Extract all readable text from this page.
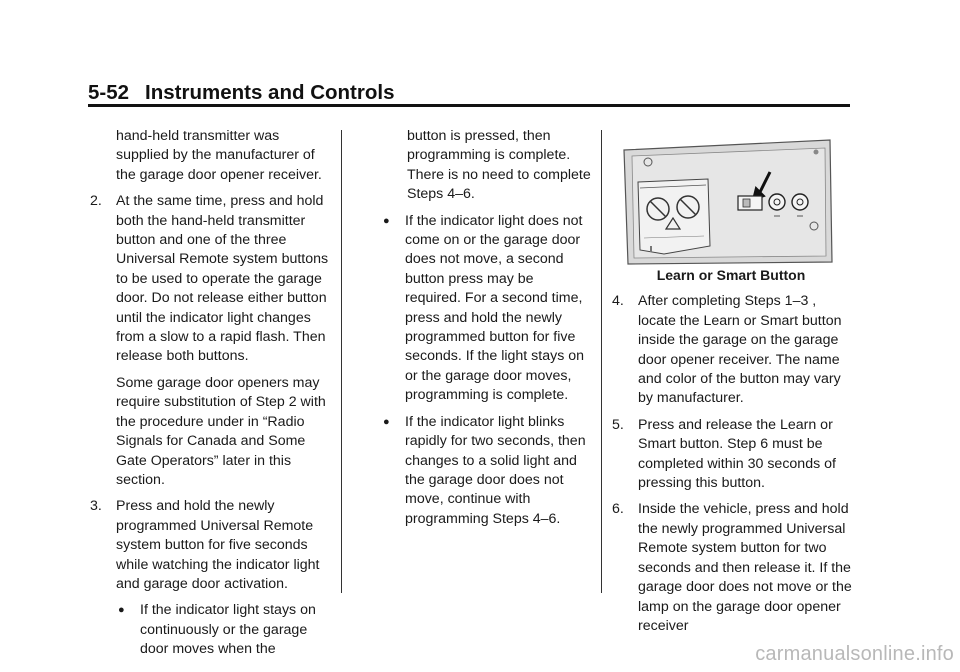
5-52 Instruments and Controls

hand-held transmitter was supplied by the manufacturer of the garage door opener receiver.

2. At the same time, press and hold both the hand-held transmitter button and one of the three Universal Remote system buttons to be used to operate the garage door. Do not release either button until the indicator light changes from a slow to a rapid flash. Then release both buttons.

Some garage door openers may require substitution of Step 2 with the procedure under in “Radio Signals for Canada and Some Gate Operators” later in this section.

3. Press and hold the newly programmed Universal Remote system button for five seconds while watching the indicator light and garage door activation.

●	If the indicator light stays on continuously or the garage door moves when the

button is pressed, then programming is complete. There is no need to complete Steps 4–6.

●	If the indicator light does not come on or the garage door does not move, a second button press may be required. For a second time, press and hold the newly programmed button for five seconds. If the light stays on or the garage door moves, programming is complete.

●	If the indicator light blinks rapidly for two seconds, then changes to a solid light and the garage door does not move, continue with programming Steps 4–6.

Learn or Smart Button

4. After completing Steps 1–3 , locate the Learn or Smart button inside the garage on the garage door opener receiver. The name and color of the button may vary by manufacturer.

5. Press and release the Learn or Smart button. Step 6 must be completed within 30 seconds of pressing this button.

6. Inside the vehicle, press and hold the newly programmed Universal Remote system button for two seconds and then release it. If the garage door does not move or the lamp on the garage door opener receiver

carmanualsonline.info
